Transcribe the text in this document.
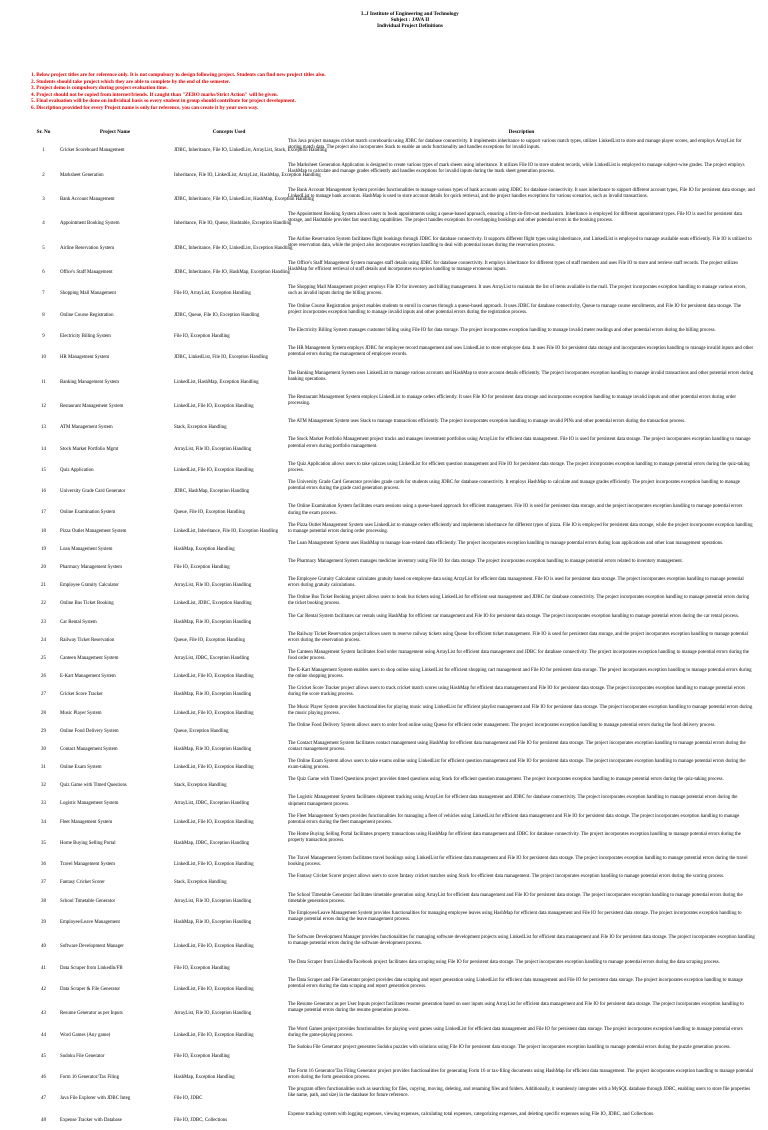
L.J Institute of Engineering and Technology
Subject : JAVA II
Individual Project Definitions
1. Below project titles are for reference only. It is not compulsory to design following project. Students can find new project titles also.
2. Students should take project which they are able to complete by the end of the semester.
3. Project demo is compulsory during project evaluation time.
4. Project should not be copied from internet/friends. If caught than "ZERO marks/Strict Action" will be given.
5. Final evaluation will be done on individual basis so every student in group should contribute for project development.
6. Discription provided for every Project name is only for reference, you can create it by your own way.
Sr. No	Project Name	Concepts Used	Description
1	Cricket Scoreboard Management	JDBC, Inheritance, File IO, LinkedList, ArrayList, Stack, Exception Handling	This Java project manages cricket match scoreboards using JDBC for database connectivity. It implements inheritance to support various match types, utilizes LinkedList to store and manage player scores, and employs ArrayList for storing match data. The project also incorporates Stack to enable an undo functionality and handles exceptions for invalid inputs.

2	Marksheet Generation	Inheritance, File IO, LinkedList, ArrayList, HashMap, Exception Handling	The Marksheet Generation Application is designed to create various types of mark sheets using inheritance. It utilizes File IO to store student records, while LinkedList is employed to manage subject-wise grades. The project employs HashMap to calculate and manage grades efficiently and handles exceptions for invalid inputs during the mark sheet generation process.

3	Bank Account Management	JDBC, Inheritance, File IO, LinkedList, HashMap, Exception Handling	The Bank Account Management System provides functionalities to manage various types of bank accounts using JDBC for database connectivity. It uses inheritance to support different account types, File IO for persistent data storage, and LinkedList to manage bank accounts. HashMap is used to store account details for quick retrieval, and the project handles exceptions for various scenarios, such as invalid transactions.

4	Appointment Booking System	Inheritance, File IO, Queue, Hashtable, Exception Handling	The Appointment Booking System allows users to book appointments using a queue-based approach, ensuring a first-in-first-out mechanism. Inheritance is employed for different appointment types. File IO is used for persistent data storage, and Hashtable provides fast searching capabilities. The project handles exceptions for overlapping bookings and other potential errors in the booking process.

5	Airline Reservation System	JDBC, Inheritance, File IO, LinkedList, Exception Handling	The Airline Reservation System facilitates flight bookings through JDBC for database connectivity. It supports different flight types using inheritance, and LinkedList is employed to manage available seats efficiently. File IO is utilized to store reservation data, while the project also incorporates exception handling to deal with potential issues during the reservation process.

6	Office's Staff Management	JDBC, Inheritance, File IO, HashMap, Exception Handling	The Office's Staff Management System manages staff details using JDBC for database connectivity. It employs inheritance for different types of staff members and uses File IO to store and retrieve staff records. The project utilizes HashMap for efficient retrieval of staff details and incorporates exception handling to manage erroneous inputs.

7	Shopping Mall Management	File IO, ArrayList, Exception Handling	The Shopping Mall Management project employs File IO for inventory and billing management. It uses ArrayList to maintain the list of items available in the mall. The project incorporates exception handling to manage various errors, such as invalid inputs during the billing process.

8	Online Course Registration	JDBC, Queue, File IO, Exception Handling	The Online Course Registration project enables students to enroll in courses through a queue-based approach. It uses JDBC for database connectivity, Queue to manage course enrollments, and File IO for persistent data storage. The project incorporates exception handling to manage invalid inputs and other potential errors during the registration process.

9	Electricity Billing System	File IO, Exception Handling	The Electricity Billing System manages customer billing using File IO for data storage. The project incorporates exception handling to manage invalid meter readings and other potential errors during the billing process.

10	HR Management System	JDBC, LinkedList, File IO, Exception Handling	The HR Management System employs JDBC for employee record management and uses LinkedList to store employee data. It uses File IO for persistent data storage and incorporates exception handling to manage invalid inputs and other potential errors during the management of employee records.

11	Banking Management System	LinkedList, HashMap, Exception Handling	The Banking Management System uses LinkedList to manage various accounts and HashMap to store account details efficiently. The project incorporates exception handling to manage invalid transactions and other potential errors during banking operations.

12	Restaurant Management System	LinkedList, File IO, Exception Handling	The Restaurant Management System employs LinkedList to manage orders efficiently. It uses File IO for persistent data storage and incorporates exception handling to manage invalid inputs and other potential errors during order processing.

13	ATM Management System	Stack, Exception Handling	The ATM Management System uses Stack to manage transactions efficiently. The project incorporates exception handling to manage invalid PINs and other potential errors during the transaction process.

14	Stock Market Portfolio Mgmt	ArrayList, File IO, Exception Handling	The Stock Market Portfolio Management project tracks and manages investment portfolios using ArrayList for efficient data management. File IO is used for persistent data storage. The project incorporates exception handling to manage potential errors during portfolio management.

15	Quiz Application	LinkedList, File IO, Exception Handling	The Quiz Application allows users to take quizzes using LinkedList for efficient question management and File IO for persistent data storage. The project incorporates exception handling to manage potential errors during the quiz-taking process.

16	University Grade Card Generator	JDBC, HashMap, Exception Handling	The University Grade Card Generator provides grade cards for students using JDBC for database connectivity. It employs HashMap to calculate and manage grades efficiently. The project incorporates exception handling to manage potential errors during the grade card generation process.

17	Online Examination System	Queue, File IO, Exception Handling	The Online Examination System facilitates exam sessions using a queue-based approach for efficient management. File IO is used for persistent data storage, and the project incorporates exception handling to manage potential errors during the exam process.

18	Pizza Outlet Management System	LinkedList, Inheritance, File IO, Exception Handling	The Pizza Outlet Management System uses LinkedList to manage orders efficiently and implements inheritance for different types of pizza. File IO is employed for persistent data storage, while the project incorporates exception handling to manage potential errors during order processing.

19	Loan Management System	HashMap, Exception Handling	The Loan Management System uses HashMap to manage loan-related data efficiently. The project incorporates exception handling to manage potential errors during loan applications and other loan management operations.

20	Pharmacy Management System	File IO, Exception Handling	The Pharmacy Management System manages medicine inventory using File IO for data storage. The project incorporates exception handling to manage potential errors related to inventory management.

21	Employee Gratuity Calculator	ArrayList, File IO, Exception Handling	The Employee Gratuity Calculator calculates gratuity based on employee data using ArrayList for efficient data management. File IO is used for persistent data storage. The project incorporates exception handling to manage potential errors during gratuity calculations.

22	Online Bus Ticket Booking	LinkedList, JDBC, Exception Handling	The Online Bus Ticket Booking project allows users to book bus tickets using LinkedList for efficient seat management and JDBC for database connectivity. The project incorporates exception handling to manage potential errors during the ticket booking process.

23	Car Rental System	HashMap, File IO, Exception Handling	The Car Rental System facilitates car rentals using HashMap for efficient car management and File IO for persistent data storage. The project incorporates exception handling to manage potential errors during the car rental process.

24	Railway Ticket Reservation	Queue, File IO, Exception Handling	The Railway Ticket Reservation project allows users to reserve railway tickets using Queue for efficient ticket management. File IO is used for persistent data storage, and the project incorporates exception handling to manage potential errors during the reservation process.

25	Canteen Management System	ArrayList, JDBC, Exception Handling	The Canteen Management System facilitates food order management using ArrayList for efficient data management and JDBC for database connectivity. The project incorporates exception handling to manage potential errors during the food order process.

26	E-Kart Management System	LinkedList, File IO, Exception Handling	The E-Kart Management System enables users to shop online using LinkedList for efficient shopping cart management and File IO for persistent data storage. The project incorporates exception handling to manage potential errors during the online shopping process.

27	Cricket Score Tracker	HashMap, File IO, Exception Handling	The Cricket Score Tracker project allows users to track cricket match scores using HashMap for efficient data management and File IO for persistent data storage. The project incorporates exception handling to manage potential errors during the score tracking process.

28	Music Player System	LinkedList, File IO, Exception Handling	The Music Player System provides functionalities for playing music using LinkedList for efficient playlist management and File IO for persistent data storage. The project incorporates exception handling to manage potential errors during the music playing process.

29	Online Food Delivery System	Queue, Exception Handling	The Online Food Delivery System allows users to order food online using Queue for efficient order management. The project incorporates exception handling to manage potential errors during the food delivery process.

30	Contact Management System	HashMap, File IO, Exception Handling	The Contact Management System facilitates contact management using HashMap for efficient data management and File IO for persistent data storage. The project incorporates exception handling to manage potential errors during the contact management process.

31	Online Exam System	LinkedList, File IO, Exception Handling	The Online Exam System allows users to take exams online using LinkedList for efficient question management and File IO for persistent data storage. The project incorporates exception handling to manage potential errors during the exam-taking process.

32	Quiz Game with Timed Questions	Stack, Exception Handling	The Quiz Game with Timed Questions project provides timed questions using Stack for efficient question management. The project incorporates exception handling to manage potential errors during the quiz-taking process.

33	Logistic Management System	ArrayList, JDBC, Exception Handling	The Logistic Management System facilitates shipment tracking using ArrayList for efficient data management and JDBC for database connectivity. The project incorporates exception handling to manage potential errors during the shipment management process.

34	Fleet Management System	LinkedList, File IO, Exception Handling	The Fleet Management System provides functionalities for managing a fleet of vehicles using LinkedList for efficient data management and File IO for persistent data storage. The project incorporates exception handling to manage potential errors during the fleet management process.

35	Home Buying Selling Portal	HashMap, JDBC, Exception Handling	The Home Buying Selling Portal facilitates property transactions using HashMap for efficient data management and JDBC for database connectivity. The project incorporates exception handling to manage potential errors during the property transaction process.

36	Travel Management System	LinkedList, File IO, Exception Handling	The Travel Management System facilitates travel bookings using LinkedList for efficient data management and File IO for persistent data storage. The project incorporates exception handling to manage potential errors during the travel booking process.

37	Fantasy Cricket Scorer	Stack, Exception Handling	The Fantasy Cricket Scorer project allows users to score fantasy cricket matches using Stack for efficient data management. The project incorporates exception handling to manage potential errors during the scoring process.

38	School Timetable Generator	ArrayList, File IO, Exception Handling	The School Timetable Generator facilitates timetable generation using ArrayList for efficient data management and File IO for persistent data storage. The project incorporates exception handling to manage potential errors during the timetable generation process.

39	Employee/Leave Management	HashMap, File IO, Exception Handling	The Employee/Leave Management System provides functionalities for managing employee leaves using HashMap for efficient data management and File IO for persistent data storage. The project incorporates exception handling to manage potential errors during the leave management process.

40	Software Development Manager	LinkedList, File IO, Exception Handling	The Software Development Manager provides functionalities for managing software development projects using LinkedList for efficient data management and File IO for persistent data storage. The project incorporates exception handling to manage potential errors during the software development process.

41	Data Scraper from LinkedIn/FB	File IO, Exception Handling	The Data Scraper from LinkedIn/Facebook project facilitates data scraping using File IO for persistent data storage. The project incorporates exception handling to manage potential errors during the data scraping process.

42	Data Scraper & File Generator	LinkedList, File IO, Exception Handling	The Data Scraper and File Generator project provides data scraping and report generation using LinkedList for efficient data management and File IO for persistent data storage. The project incorporates exception handling to manage potential errors during the data scraping and report generation process.

43	Resume Generator as per Inputs	ArrayList, File IO, Exception Handling	The Resume Generator as per User Inputs project facilitates resume generation based on user inputs using ArrayList for efficient data management and File IO for persistent data storage. The project incorporates exception handling to manage potential errors during the resume generation process.

44	Word Games (Any game)	LinkedList, File IO, Exception Handling	The Word Games project provides functionalities for playing word games using LinkedList for efficient data management and File IO for persistent data storage. The project incorporates exception handling to manage potential errors during the game-playing process.

45	Sudoku File Generator	File IO, Exception Handling	The Sudoku File Generator project generates Sudoku puzzles with solutions using File IO for persistent data storage. The project incorporates exception handling to manage potential errors during the puzzle generation process.

46	Form 16 Generator/Tax Filing	HashMap, Exception Handling	The Form 16 Generator/Tax Filing Generator project provides functionalities for generating Form 16 or tax-filing documents using HashMap for efficient data management. The project incorporates exception handling to manage potential errors during the form generation process.

47	Java File Explorer with JDBC Integ	File IO, JDBC	The program offers functionalities such as searching for files, copying, moving, deleting, and renaming files and folders. Additionally, it seamlessly integrates with a MySQL database through JDBC, enabling users to store file properties like name, path, and size) in the database for future reference.

48	Expense Tracker with Database	File IO, JDBC, Collections	Expense tracking system with logging expenses, viewing expenses, calculating total expenses, categorizing expenses, and deleting specific expenses using File IO, JDBC, and Collections.
